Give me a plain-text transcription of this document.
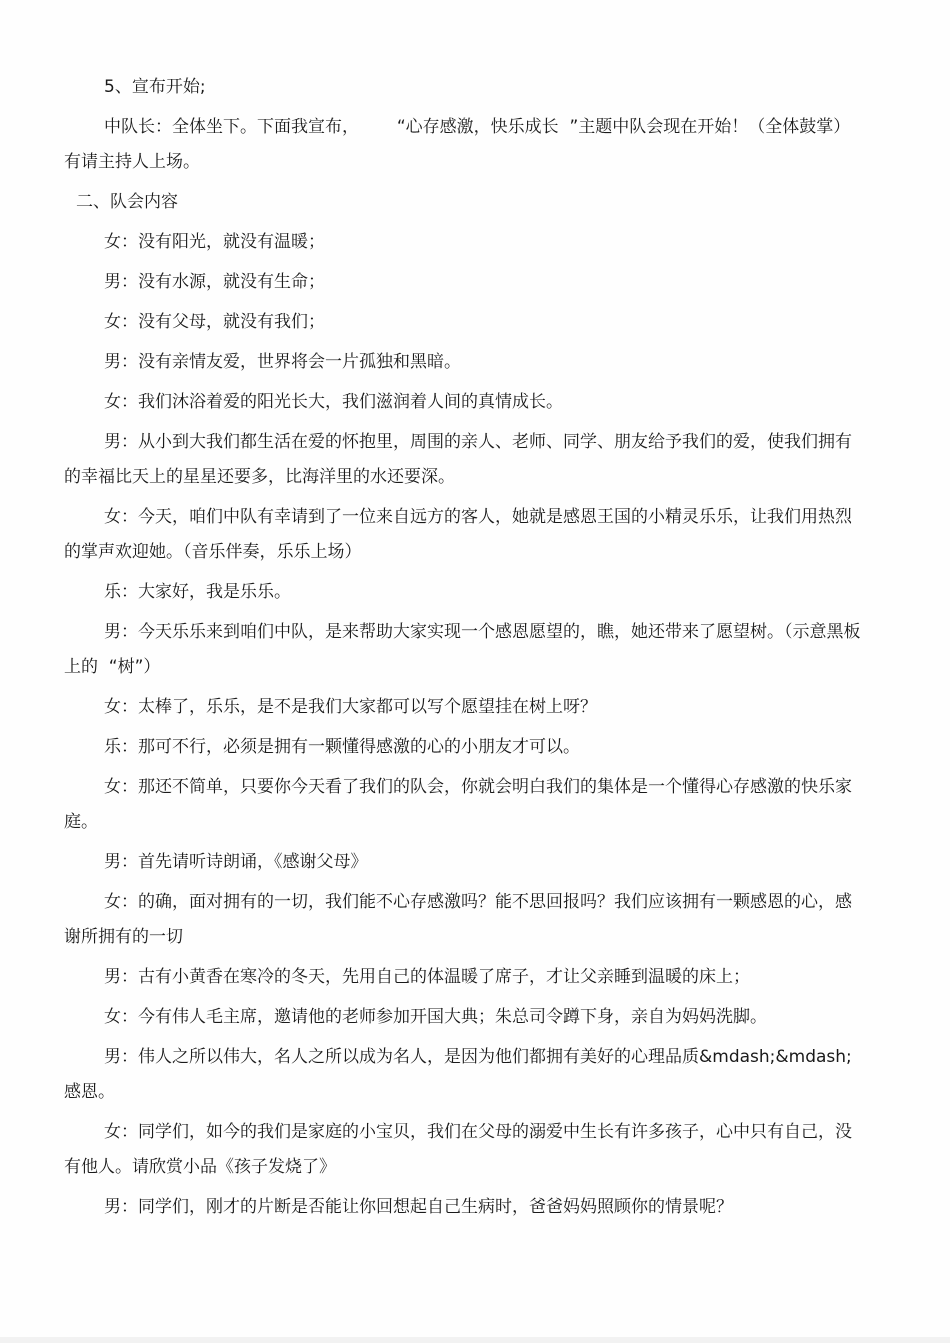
5、宣布开始;

中队长：全体坐下。下面我宣布，       “心存感激，快乐成长  ”主题中队会现在开始！（全体鼓掌）有请主持人上场。

二、队会内容

女：没有阳光，就没有温暖；

男：没有水源，就没有生命；

女：没有父母，就没有我们；

男：没有亲情友爱，世界将会一片孤独和黑暗。

女：我们沐浴着爱的阳光长大，我们滋润着人间的真情成长。

男：从小到大我们都生活在爱的怀抱里，周围的亲人、老师、同学、朋友给予我们的爱，使我们拥有的幸福比天上的星星还要多，比海洋里的水还要深。

女：今天，咱们中队有幸请到了一位来自远方的客人，她就是感恩王国的小精灵乐乐，让我们用热烈的掌声欢迎她。（音乐伴奏，乐乐上场）

乐：大家好，我是乐乐。

男：今天乐乐来到咱们中队，是来帮助大家实现一个感恩愿望的，瞧，她还带来了愿望树。（示意黑板上的  “树”）

女：太棒了，乐乐，是不是我们大家都可以写个愿望挂在树上呀？

乐：那可不行，必须是拥有一颗懂得感激的心的小朋友才可以。

女：那还不简单，只要你今天看了我们的队会，你就会明白我们的集体是一个懂得心存感激的快乐家庭。

男：首先请听诗朗诵，《感谢父母》

女：的确，面对拥有的一切，我们能不心存感激吗？能不思回报吗？我们应该拥有一颗感恩的心，感谢所拥有的一切

男：古有小黄香在寒冷的冬天，先用自己的体温暖了席子，才让父亲睡到温暖的床上；

女：今有伟人毛主席，邀请他的老师参加开国大典；朱总司令蹲下身，亲自为妈妈洗脚。

男：伟人之所以伟大，名人之所以成为名人，是因为他们都拥有美好的心理品质&mdash;&mdash;              感恩。

女：同学们，如今的我们是家庭的小宝贝，我们在父母的溺爱中生长有许多孩子，心中只有自己，没有他人。请欣赏小品《孩子发烧了》

男：同学们，刚才的片断是否能让你回想起自己生病时，爸爸妈妈照顾你的情景呢？
